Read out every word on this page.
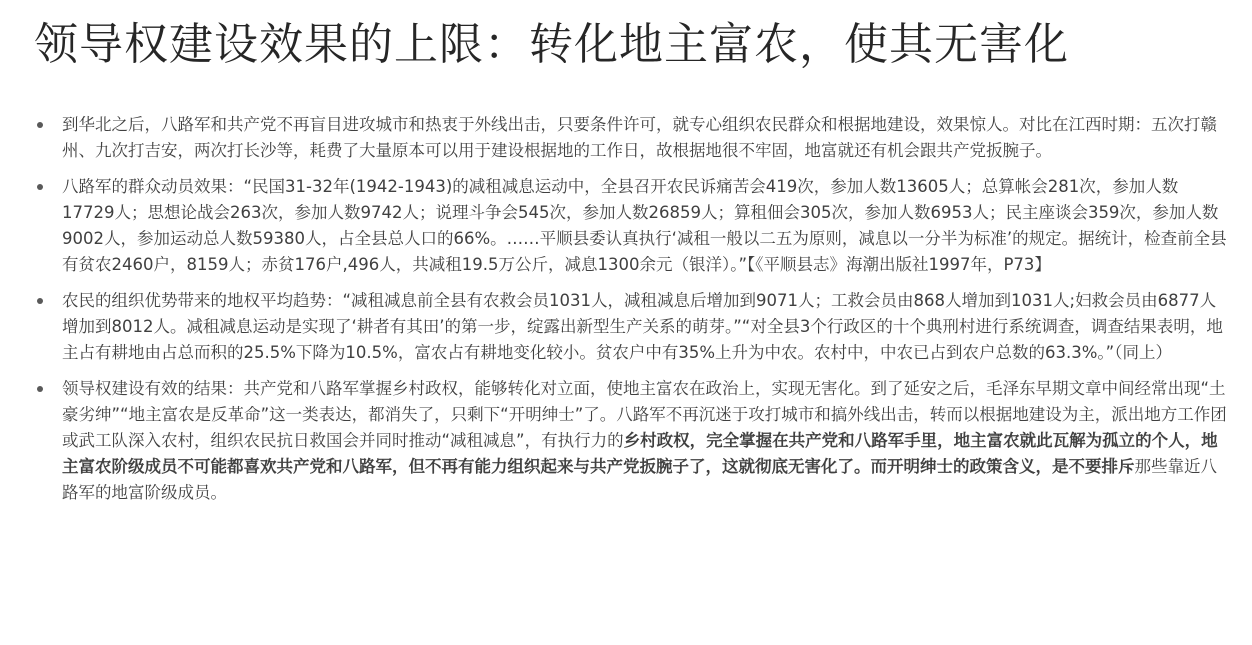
领导权建设效果的上限：转化地主富农，使其无害化
到华北之后，八路军和共产党不再盲目进攻城市和热衷于外线出击，只要条件许可，就专心组织农民群众和根据地建设，效果惊人。对比在江西时期：五次打赣州、九次打吉安，两次打长沙等，耗费了大量原本可以用于建设根据地的工作日，故根据地很不牢固，地富就还有机会跟共产党扳腕子。
八路军的群众动员效果：“民国31-32年(1942-1943)的减租减息运动中，全县召开农民诉痛苦会419次，参加人数13605人；总算帐会281次，参加人数17729人；思想论战会263次，参加人数9742人；说理斗争会545次，参加人数26859人；算租佃会305次，参加人数6953人；民主座谈会359次，参加人数9002人，参加运动总人数59380人，占全县总人口的66%。……平顺县委认真执行‘减租一般以二五为原则，减息以一分半为标准’的规定。据统计，检查前全县有贫农2460户，8159人；赤贫176户,496人，共减租19.5万公斤，减息1300余元（银洋）。”【《平顺县志》海潮出版社1997年，P73】
农民的组织优势带来的地权平均趋势：“减租减息前全县有农救会员1031人，减租减息后增加到9071人；工救会员由868人增加到1031人;妇救会员由6877人增加到8012人。减租减息运动是实现了‘耕者有其田’的第一步，绽露出新型生产关系的萌芽。”“对全县3个行政区的十个典刑村进行系统调查，调查结果表明，地主占有耕地由占总而积的25.5%下降为10.5%，富农占有耕地变化较小。贫农户中有35%上升为中农。农村中，中农已占到农户总数的63.3%。”（同上）
领导权建设有效的结果：共产党和八路军掌握乡村政权，能够转化对立面，使地主富农在政治上，实现无害化。到了延安之后，毛泽东早期文章中间经常出现“土豪劣绅”“地主富农是反革命”这一类表达，都消失了，只剩下“开明绅士”了。八路军不再沉迷于攻打城市和搞外线出击，转而以根据地建设为主，派出地方工作团或武工队深入农村，组织农民抗日救国会并同时推动“减租减息”，有执行力的乡村政权，完全掌握在共产党和八路军手里，地主富农就此瓦解为孤立的个人，地主富农阶级成员不可能都喜欢共产党和八路军，但不再有能力组织起来与共产党扳腕子了，这就彻底无害化了。而开明绅士的政策含义，是不要排斥那些靠近八路军的地富阶级成员。
